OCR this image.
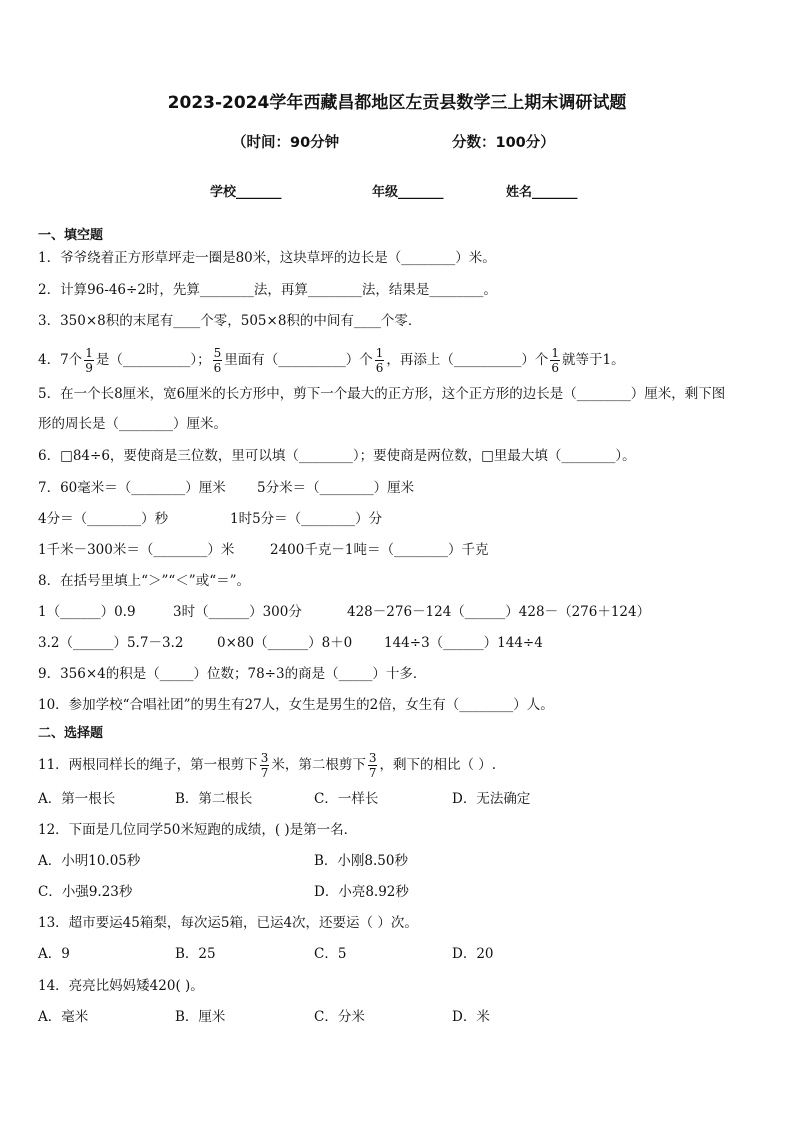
2023-2024学年西藏昌都地区左贡县数学三上期末调研试题
（时间：90分钟	分数：100分）
学校_______	年级_______	姓名_______
一、填空题
1．爷爷绕着正方形草坪走一圈是80米，这块草坪的边长是（________）米。
2．计算96-46÷2时，先算________法，再算________法，结果是________。
3．350×8积的末尾有____个零，505×8积的中间有____个零．
4．7个 $\frac{1}{9}$ 是（__________）； $\frac{5}{6}$ 里面有（__________）个 $\frac{1}{6}$ ，再添上（__________）个 $\frac{1}{6}$ 就等于1。
5．在一个长8厘米，宽6厘米的长方形中，剪下一个最大的正方形，这个正方形的边长是（________）厘米，剩下图
形的周长是（________）厘米。
6．□84÷6，要使商是三位数，里可以填（________）；要使商是两位数，□里最大填（________）。
7．60毫米＝（________）厘米 5分米＝（________）厘米
4分＝（________）秒	1时5分＝（________）分
1千米－300米＝（________）米	2400千克－1吨＝（________）千克
8．在括号里填上“＞”“＜”或“＝”。
1（______）0.9	3时（______）300分	428－276－124（______）428－（276＋124）
3.2（______）5.7－3.2 0×80（______）8＋0 144÷3（______）144÷4
9．356×4的积是（_____）位数；78÷3的商是（_____）十多．
10．参加学校“合唱社团”的男生有27人，女生是男生的2倍，女生有（________）人。
二、选择题
11．两根同样长的绳子，第一根剪下 $\frac{3}{7}$ 米，第二根剪下 $\frac{3}{7}$ ，剩下的相比（ ）.
A．第一根长	B．第二根长	C．一样长	D．无法确定
12．下面是几位同学50米短跑的成绩，( )是第一名．
A．小明10.05秒	B．小刚8.50秒
C．小强9.23秒	D．小亮8.92秒
13．超市要运45箱梨，每次运5箱，已运4次，还要运（ ）次。
A．9	B．25	C．5	D．20
14．亮亮比妈妈矮420( )。
A．毫米	B．厘米	C．分米	D．米
